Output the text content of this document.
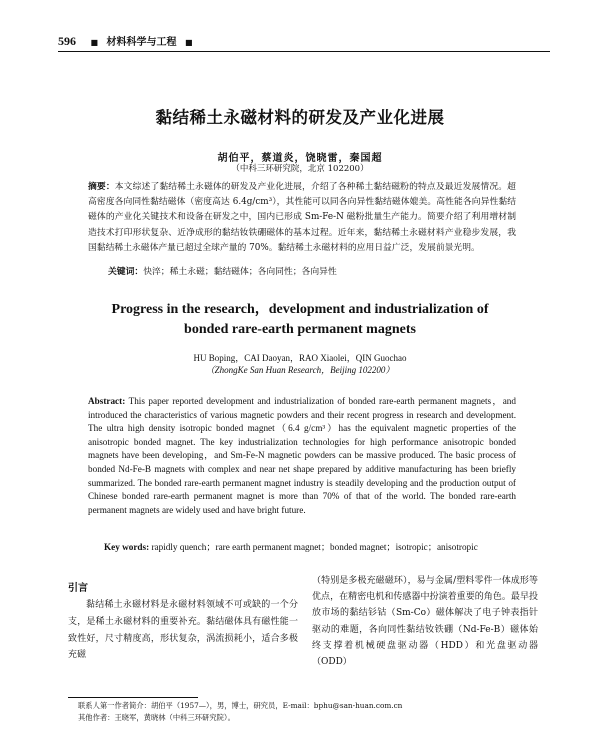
596 ■ 材料科学与工程 ■
黏结稀土永磁材料的研发及产业化进展
胡伯平，蔡道炎，饶晓雷，秦国超
（中科三环研究院，北京 102200）
摘要：本文综述了黏结稀土永磁体的研发及产业化进展，介绍了各种稀土黏结磁粉的特点及最近发展情况。超高密度各向同性黏结磁体（密度高达 6.4g/cm³），其性能可以同各向异性黏结磁体媲美。高性能各向异性黏结磁体的产业化关键技术和设备在研发之中，国内已形成 Sm-Fe-N 磁粉批量生产能力。简要介绍了利用增材制造技术打印形状复杂、近净成形的黏结钕铁硼磁体的基本过程。近年来，黏结稀土永磁材料产业稳步发展，我国黏结稀土永磁体产量已超过全球产量的 70%。黏结稀土永磁材料的应用日益广泛，发展前景光明。
关键词：快淬；稀土永磁；黏结磁体；各向同性；各向异性
Progress in the research，development and industrialization of
bonded rare-earth permanent magnets
HU Boping，CAI Daoyan，RAO Xiaolei，QIN Guochao
（ZhongKe San Huan Research，Beijing 102200）
Abstract: This paper reported development and industrialization of bonded rare-earth permanent magnets，and introduced the characteristics of various magnetic powders and their recent progress in research and development. The ultra high density isotropic bonded magnet（6.4 g/cm³）has the equivalent magnetic properties of the anisotropic bonded magnet. The key industrialization technologies for high performance anisotropic bonded magnets have been developing，and Sm-Fe-N magnetic powders can be massive produced. The basic process of bonded Nd-Fe-B magnets with complex and near net shape prepared by additive manufacturing has been briefly summarized. The bonded rare-earth permanent magnet industry is steadily developing and the production output of Chinese bonded rare-earth permanent magnet is more than 70% of that of the world. The bonded rare-earth permanent magnets are widely used and have bright future.
Key words: rapidly quench；rare earth permanent magnet；bonded magnet；isotropic；anisotropic
引言
黏结稀土永磁材料是永磁材料领域不可或缺的一个分支，是稀土永磁材料的重要补充。黏结磁体具有磁性能一致性好，尺寸精度高，形状复杂，涡流损耗小，适合多极充磁
（特别是多极充磁磁环），易与金属/塑料零件一体成形等优点，在精密电机和传感器中扮演着重要的角色。最早投放市场的黏结钐钴（Sm-Co）磁体解决了电子钟表指针驱动的难题，各向同性黏结钕铁硼（Nd-Fe-B）磁体始终支撑着机械硬盘驱动器（HDD）和光盘驱动器（ODD）
联系人第一作者简介：胡伯平（1957—），男，博士，研究员，E-mail：bphu@san-huan.com.cn
其他作者：王晓军，黄晓林（中科三环研究院）。
